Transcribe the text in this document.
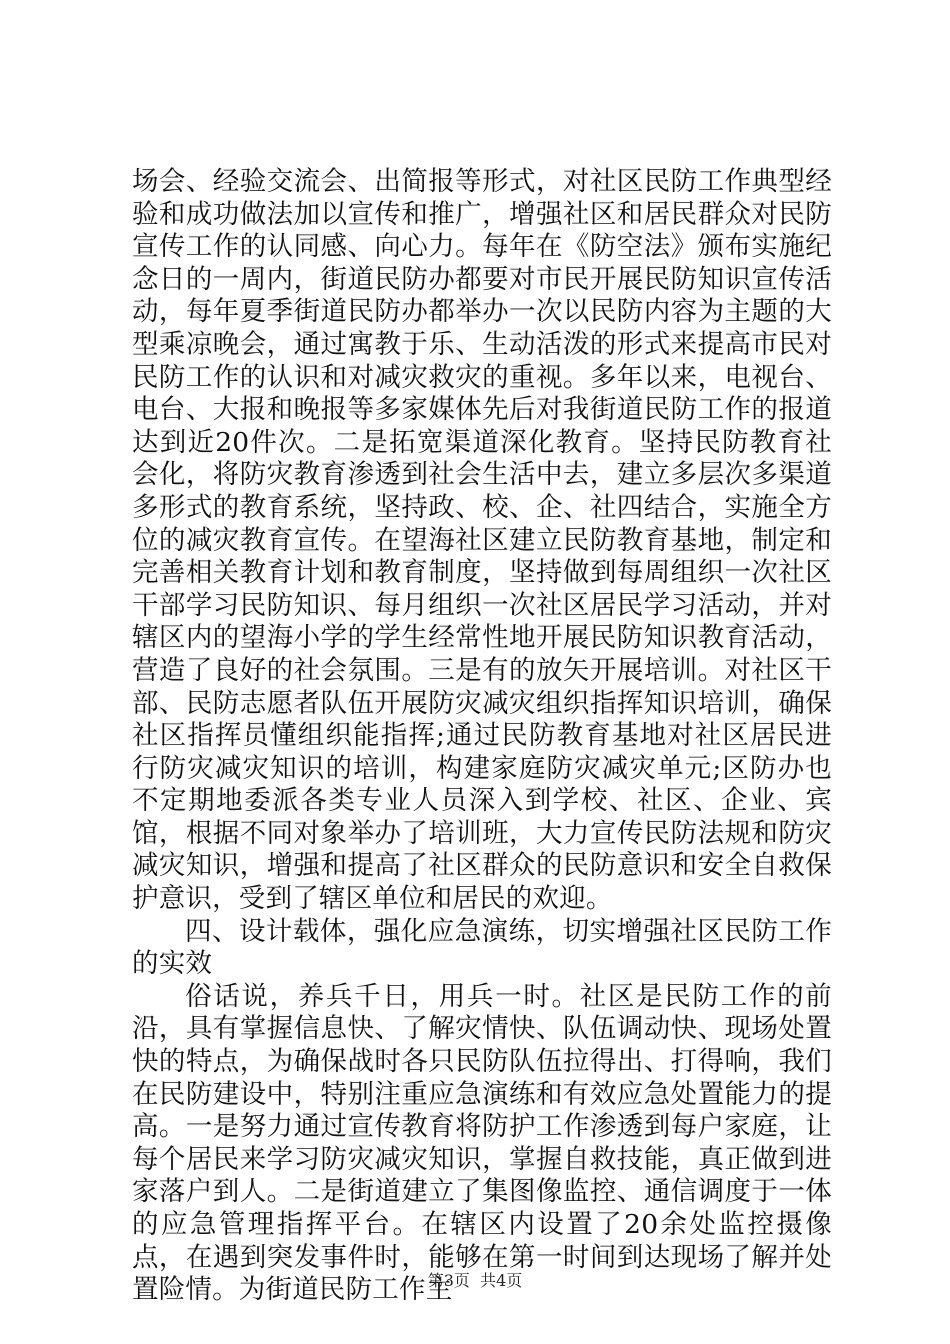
场会、经验交流会、出简报等形式，对社区民防工作典型经验和成功做法加以宣传和推广，增强社区和居民群众对民防宣传工作的认同感、向心力。每年在《防空法》颁布实施纪念日的一周内，街道民防办都要对市民开展民防知识宣传活动，每年夏季街道民防办都举办一次以民防内容为主题的大型乘凉晚会，通过寓教于乐、生动活泼的形式来提高市民对民防工作的认识和对减灾救灾的重视。多年以来，电视台、电台、大报和晚报等多家媒体先后对我街道民防工作的报道达到近20件次。二是拓宽渠道深化教育。坚持民防教育社会化，将防灾教育渗透到社会生活中去，建立多层次多渠道多形式的教育系统，坚持政、校、企、社四结合，实施全方位的减灾教育宣传。在望海社区建立民防教育基地，制定和完善相关教育计划和教育制度，坚持做到每周组织一次社区干部学习民防知识、每月组织一次社区居民学习活动，并对辖区内的望海小学的学生经常性地开展民防知识教育活动，营造了良好的社会氛围。三是有的放矢开展培训。对社区干部、民防志愿者队伍开展防灾减灾组织指挥知识培训，确保社区指挥员懂组织能指挥;通过民防教育基地对社区居民进行防灾减灾知识的培训，构建家庭防灾减灾单元;区防办也不定期地委派各类专业人员深入到学校、社区、企业、宾馆，根据不同对象举办了培训班，大力宣传民防法规和防灾减灾知识，增强和提高了社区群众的民防意识和安全自救保护意识，受到了辖区单位和居民的欢迎。

四、设计载体，强化应急演练，切实增强社区民防工作的实效

俗话说，养兵千日，用兵一时。社区是民防工作的前沿，具有掌握信息快、了解灾情快、队伍调动快、现场处置快的特点，为确保战时各只民防队伍拉得出、打得响，我们在民防建设中，特别注重应急演练和有效应急处置能力的提高。一是努力通过宣传教育将防护工作渗透到每户家庭，让每个居民来学习防灾减灾知识，掌握自救技能，真正做到进家落户到人。二是街道建立了集图像监控、通信调度于一体的应急管理指挥平台。在辖区内设置了20余处监控摄像点，在遇到突发事件时，能够在第一时间到达现场了解并处置险情。为街道民防工作主

第3页  共4页
